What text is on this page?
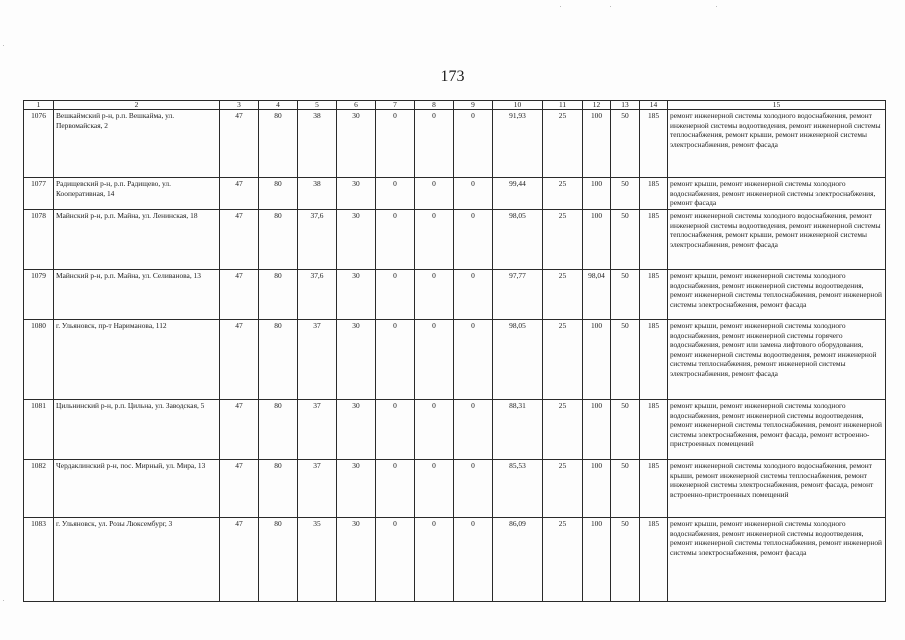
173
1	2	3	4	5	6	7	8	9	10	11	12	13	14	15
1076	Вешкаймский р-н, р.п. Вешкайма, ул. Первомайская, 2	47	80	38	30	0	0	0	91,93	25	100	50	185	ремонт инженерной системы холодного водоснабжения, ремонт инженерной системы водоотведения, ремонт инженерной системы теплоснабжения, ремонт крыши, ремонт инженерной системы электроснабжения, ремонт фасада
1077	Радищевский р-н, р.п. Радищево, ул. Кооперативная, 14	47	80	38	30	0	0	0	99,44	25	100	50	185	ремонт крыши, ремонт инженерной системы холодного водоснабжения, ремонт инженерной системы электроснабжения, ремонт фасада
1078	Майнский р-н, р.п. Майна, ул. Ленинская, 18	47	80	37,6	30	0	0	0	98,05	25	100	50	185	ремонт инженерной системы холодного водоснабжения, ремонт инженерной системы водоотведения, ремонт инженерной системы теплоснабжения, ремонт крыши, ремонт инженерной системы электроснабжения, ремонт фасада
1079	Майнский р-н, р.п. Майна, ул. Селиванова, 13	47	80	37,6	30	0	0	0	97,77	25	98,04	50	185	ремонт крыши, ремонт инженерной системы холодного водоснабжения, ремонт инженерной системы водоотведения, ремонт инженерной системы теплоснабжения, ремонт инженерной системы электроснабжения, ремонт фасада
1080	г. Ульяновск, пр-т Нариманова, 112	47	80	37	30	0	0	0	98,05	25	100	50	185	ремонт крыши, ремонт инженерной системы холодного водоснабжения, ремонт инженерной системы горячего водоснабжения, ремонт или замена лифтового оборудования, ремонт инженерной системы водоотведения, ремонт инженерной системы теплоснабжения, ремонт инженерной системы электроснабжения, ремонт фасада
1081	Цильнинский р-н, р.п. Цильна, ул. Заводская, 5	47	80	37	30	0	0	0	88,31	25	100	50	185	ремонт крыши, ремонт инженерной системы холодного водоснабжения, ремонт инженерной системы водоотведения, ремонт инженерной системы теплоснабжения, ремонт инженерной системы электроснабжения, ремонт фасада, ремонт встроенно-пристроенных помещений
1082	Чердаклинский р-н, пос. Мирный, ул. Мира, 13	47	80	37	30	0	0	0	85,53	25	100	50	185	ремонт инженерной системы холодного водоснабжения, ремонт крыши, ремонт инженерной системы теплоснабжения, ремонт инженерной системы электроснабжения, ремонт фасада, ремонт встроенно-пристроенных помещений
1083	г. Ульяновск, ул. Розы Люксембург, 3	47	80	35	30	0	0	0	86,09	25	100	50	185	ремонт крыши, ремонт инженерной системы холодного водоснабжения, ремонт инженерной системы водоотведения, ремонт инженерной системы теплоснабжения, ремонт инженерной системы электроснабжения, ремонт фасада
